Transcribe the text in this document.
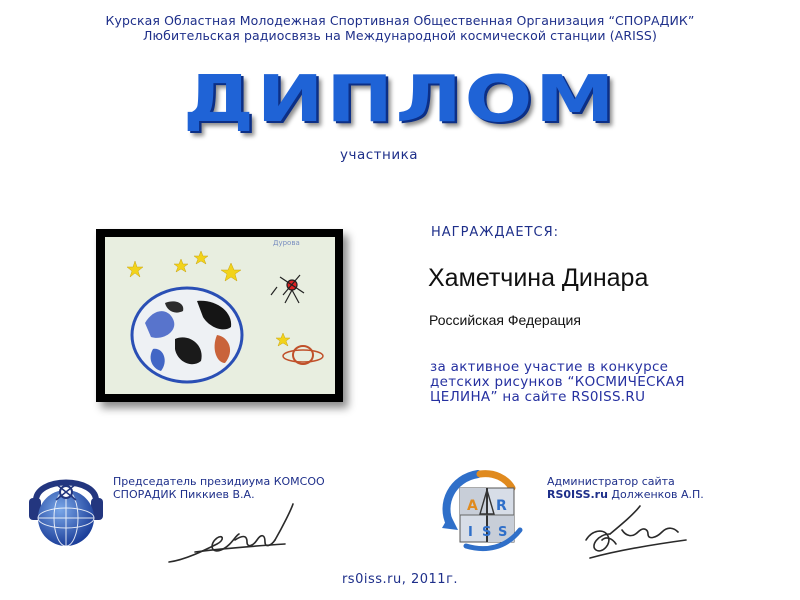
Курская Областная Молодежная Спортивная Общественная Организация “СПОРАДИК”
Любительская радиосвязь на Международной космической станции (ARISS)
ДИПЛОМ
участника
Дурова
НАГРАЖДАЕТСЯ:
Хаметчина Динара
Российская Федерация
за активное участие в конкурсе
детских рисунков “КОСМИЧЕСКАЯ
ЦЕЛИНА” на сайте RS0ISS.RU
Председатель президиума КОМСОО
СПОРАДИК Пиккиев В.А.
A R
I S S
Администратор сайта
RS0ISS.ru Долженков А.П.
rs0iss.ru, 2011г.
